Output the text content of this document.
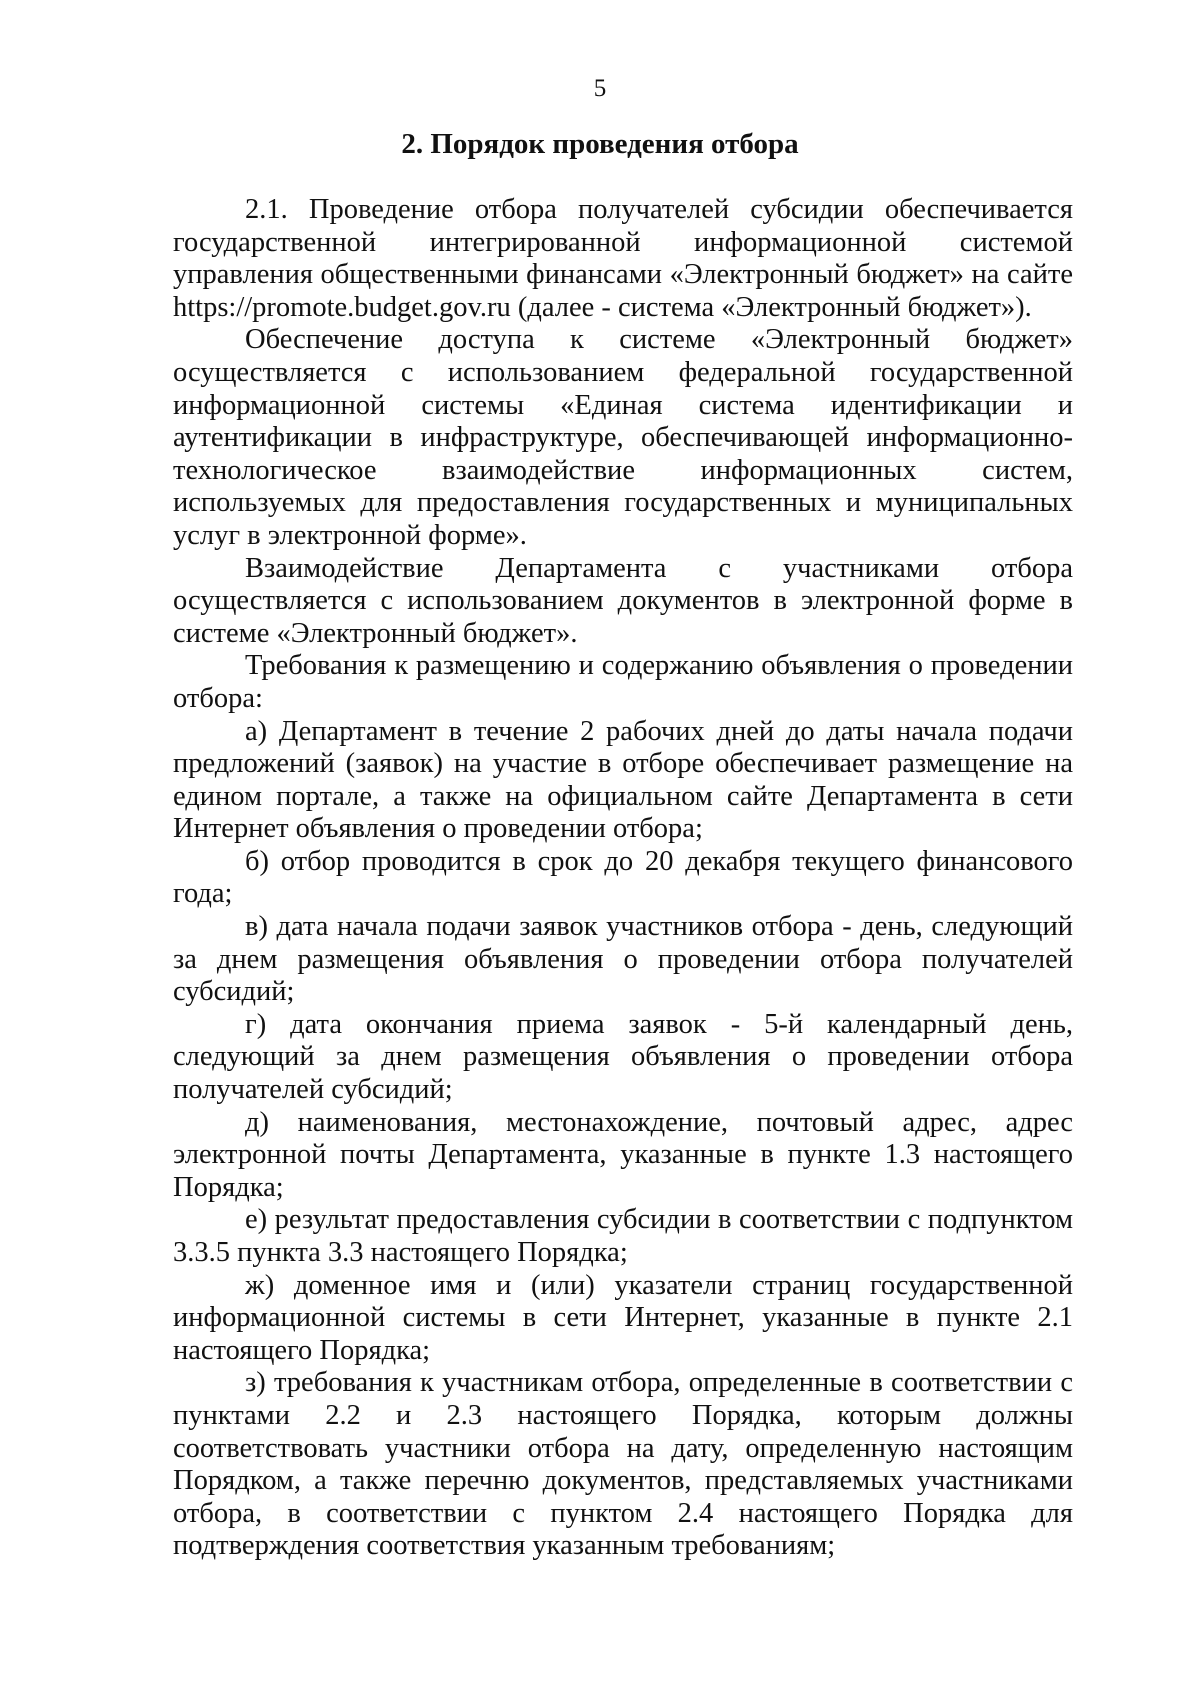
5
2. Порядок проведения отбора

2.1. Проведение отбора получателей субсидии обеспечивается государственной интегрированной информационной системой управления общественными финансами «Электронный бюджет» на сайте https://promote.budget.gov.ru (далее - система «Электронный бюджет»).

Обеспечение доступа к системе «Электронный бюджет» осуществляется с использованием федеральной государственной информационной системы «Единая система идентификации и аутентификации в инфраструктуре, обеспечивающей информационно-технологическое взаимодействие информационных систем, используемых для предоставления государственных и муниципальных услуг в электронной форме».

Взаимодействие Департамента с участниками отбора осуществляется с использованием документов в электронной форме в системе «Электронный бюджет».

Требования к размещению и содержанию объявления о проведении отбора:

а) Департамент в течение 2 рабочих дней до даты начала подачи предложений (заявок) на участие в отборе обеспечивает размещение на едином портале, а также на официальном сайте Департамента в сети Интернет объявления о проведении отбора;

б) отбор проводится в срок до 20 декабря текущего финансового года;

в) дата начала подачи заявок участников отбора - день, следующий за днем размещения объявления о проведении отбора получателей субсидий;

г) дата окончания приема заявок - 5-й календарный день, следующий за днем размещения объявления о проведении отбора получателей субсидий;

д) наименования, местонахождение, почтовый адрес, адрес электронной почты Департамента, указанные в пункте 1.3 настоящего Порядка;

е) результат предоставления субсидии в соответствии с подпунктом 3.3.5 пункта 3.3 настоящего Порядка;

ж) доменное имя и (или) указатели страниц государственной информационной системы в сети Интернет, указанные в пункте 2.1 настоящего Порядка;

з) требования к участникам отбора, определенные в соответствии с пунктами 2.2 и 2.3 настоящего Порядка, которым должны соответствовать участники отбора на дату, определенную настоящим Порядком, а также перечню документов, представляемых участниками отбора, в соответствии с пунктом 2.4 настоящего Порядка для подтверждения соответствия указанным требованиям;
